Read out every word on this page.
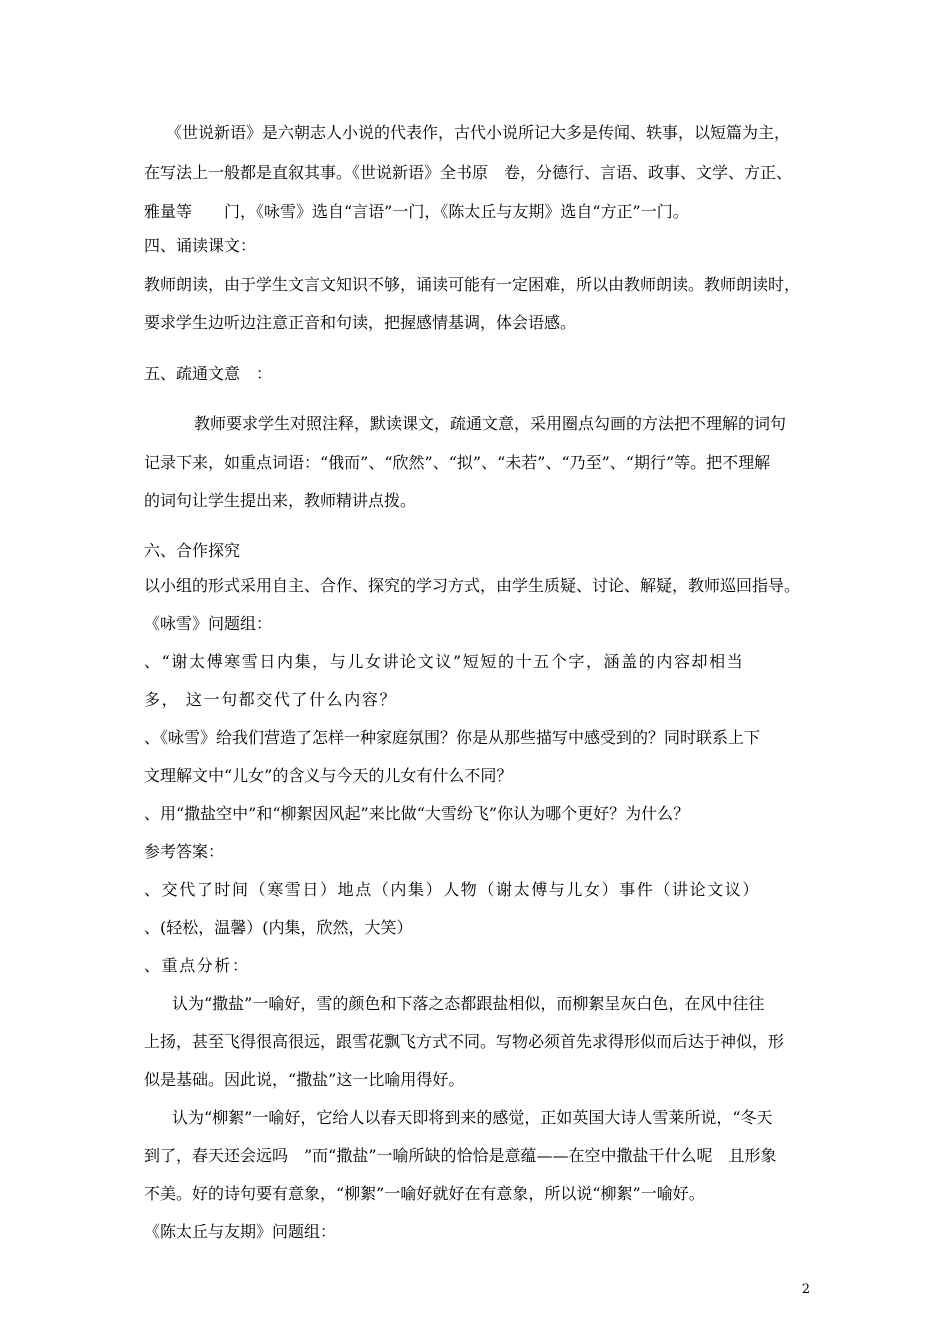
《世说新语》是六朝志人小说的代表作，古代小说所记大多是传闻、轶事，以短篇为主，

在写法上一般都是直叙其事。《世说新语》全书原　卷，分德行、言语、政事、文学、方正、

雅量等　　门，《咏雪》选自“言语”一门，《陈太丘与友期》选自“方正”一门。

四、诵读课文：

教师朗读，由于学生文言文知识不够，诵读可能有一定困难，所以由教师朗读。教师朗读时，

要求学生边听边注意正音和句读，把握感情基调，体会语感。

五、疏通文意　：

教师要求学生对照注释，默读课文，疏通文意，采用圈点勾画的方法把不理解的词句

记录下来，如重点词语：“俄而”、“欣然”、“拟”、“未若”、“乃至”、“期行”等。把不理解

的词句让学生提出来，教师精讲点拨。

六、合作探究

以小组的形式采用自主、合作、探究的学习方式，由学生质疑、讨论、解疑，教师巡回指导。

《咏雪》问题组：

、“谢太傅寒雪日内集，与儿女讲论文议”短短的十五个字，涵盖的内容却相当

多， 这一句都交代了什么内容？

、《咏雪》给我们营造了怎样一种家庭氛围？你是从那些描写中感受到的？同时联系上下

文理解文中“儿女”的含义与今天的儿女有什么不同？

、用“撒盐空中”和“柳絮因风起”来比做“大雪纷飞”你认为哪个更好？为什么？

参考答案：

、交代了时间（寒雪日）地点（内集）人物（谢太傅与儿女）事件（讲论文议）

、(轻松，温馨）(内集，欣然，大笑）

、重点分析：

认为“撒盐”一喻好，雪的颜色和下落之态都跟盐相似，而柳絮呈灰白色，在风中往往

上扬，甚至飞得很高很远，跟雪花飘飞方式不同。写物必须首先求得形似而后达于神似，形

似是基础。因此说，“撒盐”这一比喻用得好。

认为“柳絮”一喻好，它给人以春天即将到来的感觉，正如英国大诗人雪莱所说，“冬天

到了，春天还会远吗　”而“撒盐”一喻所缺的恰恰是意蕴——在空中撒盐干什么呢　且形象

不美。好的诗句要有意象，“柳絮”一喻好就好在有意象，所以说“柳絮”一喻好。

《陈太丘与友期》问题组：

2
